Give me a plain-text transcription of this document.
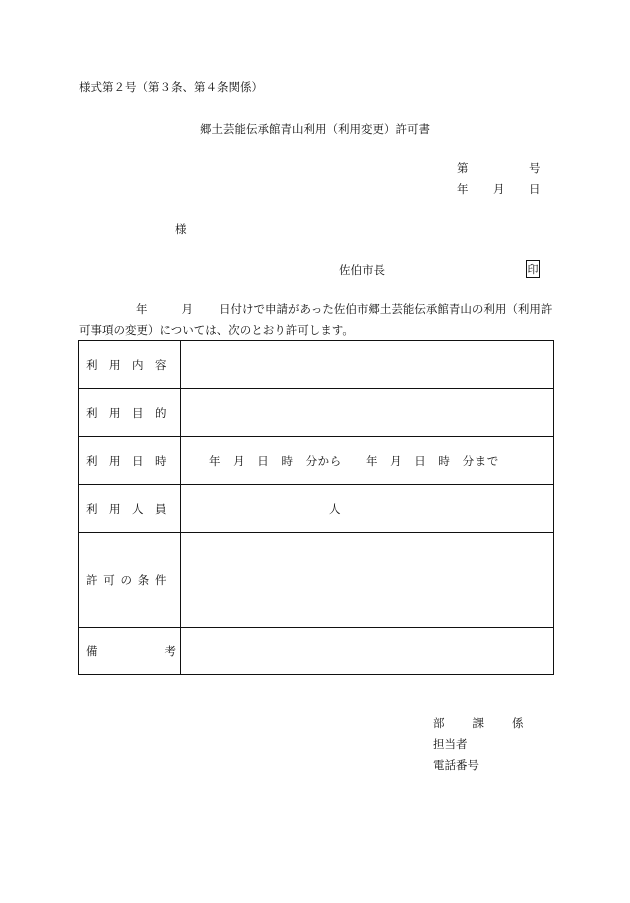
様式第２号（第３条、第４条関係）
郷土芸能伝承館青山利用（利用変更）許可書
第	号
年 月 日
様
佐伯市長	印
年	月 日付けで申請があった佐伯市郷土芸能伝承館青山の利用（利用許
可事項の変更）については、次のとおり許可します。
利用内容
利用目的
利用日時	年　月　日　時　分から　　年　月　日　時　分まで
利用人員	人
許可の条件
備	考
部 課 係
担当者
電話番号
